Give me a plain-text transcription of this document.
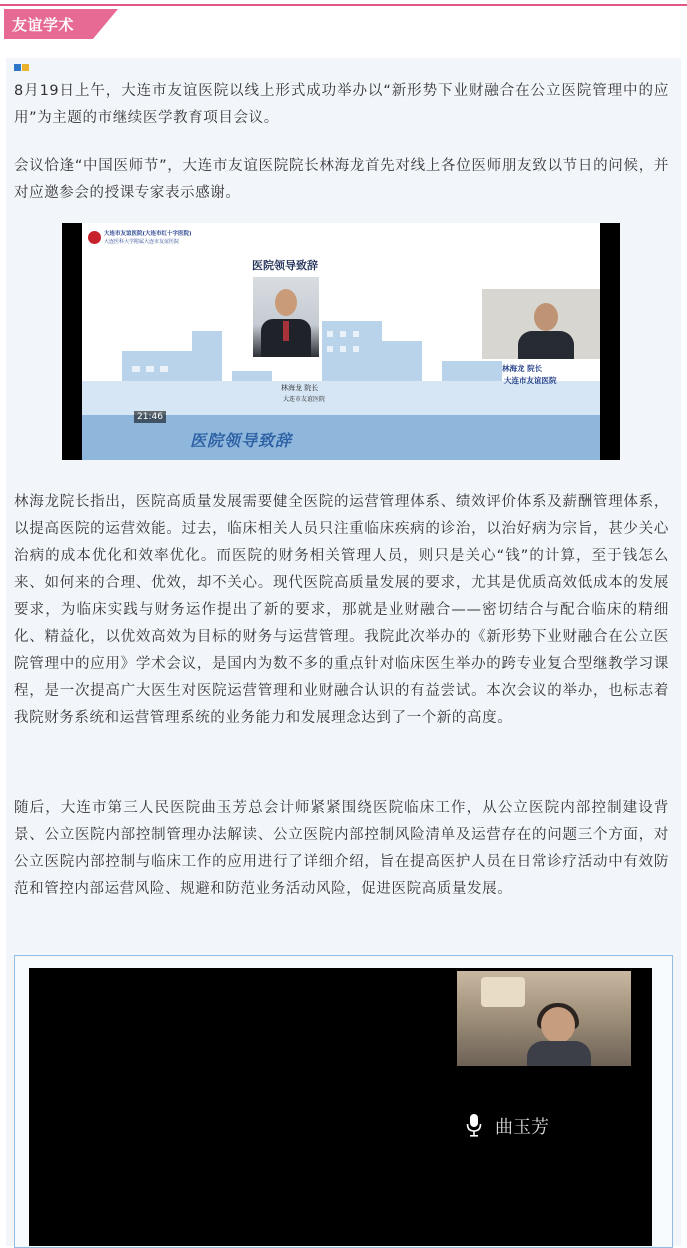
友谊学术

8月19日上午，大连市友谊医院以线上形式成功举办以“新形势下业财融合在公立医院管理中的应用”为主题的市继续医学教育项目会议。

会议恰逢“中国医师节”，大连市友谊医院院长林海龙首先对线上各位医师朋友致以节日的问候，并对应邀参会的授课专家表示感谢。

大连市友谊医院(大连市红十字医院)
大连医科大学附属大连市友谊医院
医院领导致辞
林海龙 院长
大连市友谊医院
林海龙 院长
大连市友谊医院
21:46
医院领导致辞

林海龙院长指出，医院高质量发展需要健全医院的运营管理体系、绩效评价体系及薪酬管理体系，以提高医院的运营效能。过去，临床相关人员只注重临床疾病的诊治，以治好病为宗旨，甚少关心治病的成本优化和效率优化。而医院的财务相关管理人员，则只是关心“钱”的计算，至于钱怎么来、如何来的合理、优效，却不关心。现代医院高质量发展的要求，尤其是优质高效低成本的发展要求，为临床实践与财务运作提出了新的要求，那就是业财融合——密切结合与配合临床的精细化、精益化，以优效高效为目标的财务与运营管理。我院此次举办的《新形势下业财融合在公立医院管理中的应用》学术会议，是国内为数不多的重点针对临床医生举办的跨专业复合型继教学习课程，是一次提高广大医生对医院运营管理和业财融合认识的有益尝试。本次会议的举办，也标志着我院财务系统和运营管理系统的业务能力和发展理念达到了一个新的高度。

随后，大连市第三人民医院曲玉芳总会计师紧紧围绕医院临床工作，从公立医院内部控制建设背景、公立医院内部控制管理办法解读、公立医院内部控制风险清单及运营存在的问题三个方面，对公立医院内部控制与临床工作的应用进行了详细介绍，旨在提高医护人员在日常诊疗活动中有效防范和管控内部运营风险、规避和防范业务活动风险，促进医院高质量发展。

曲玉芳
